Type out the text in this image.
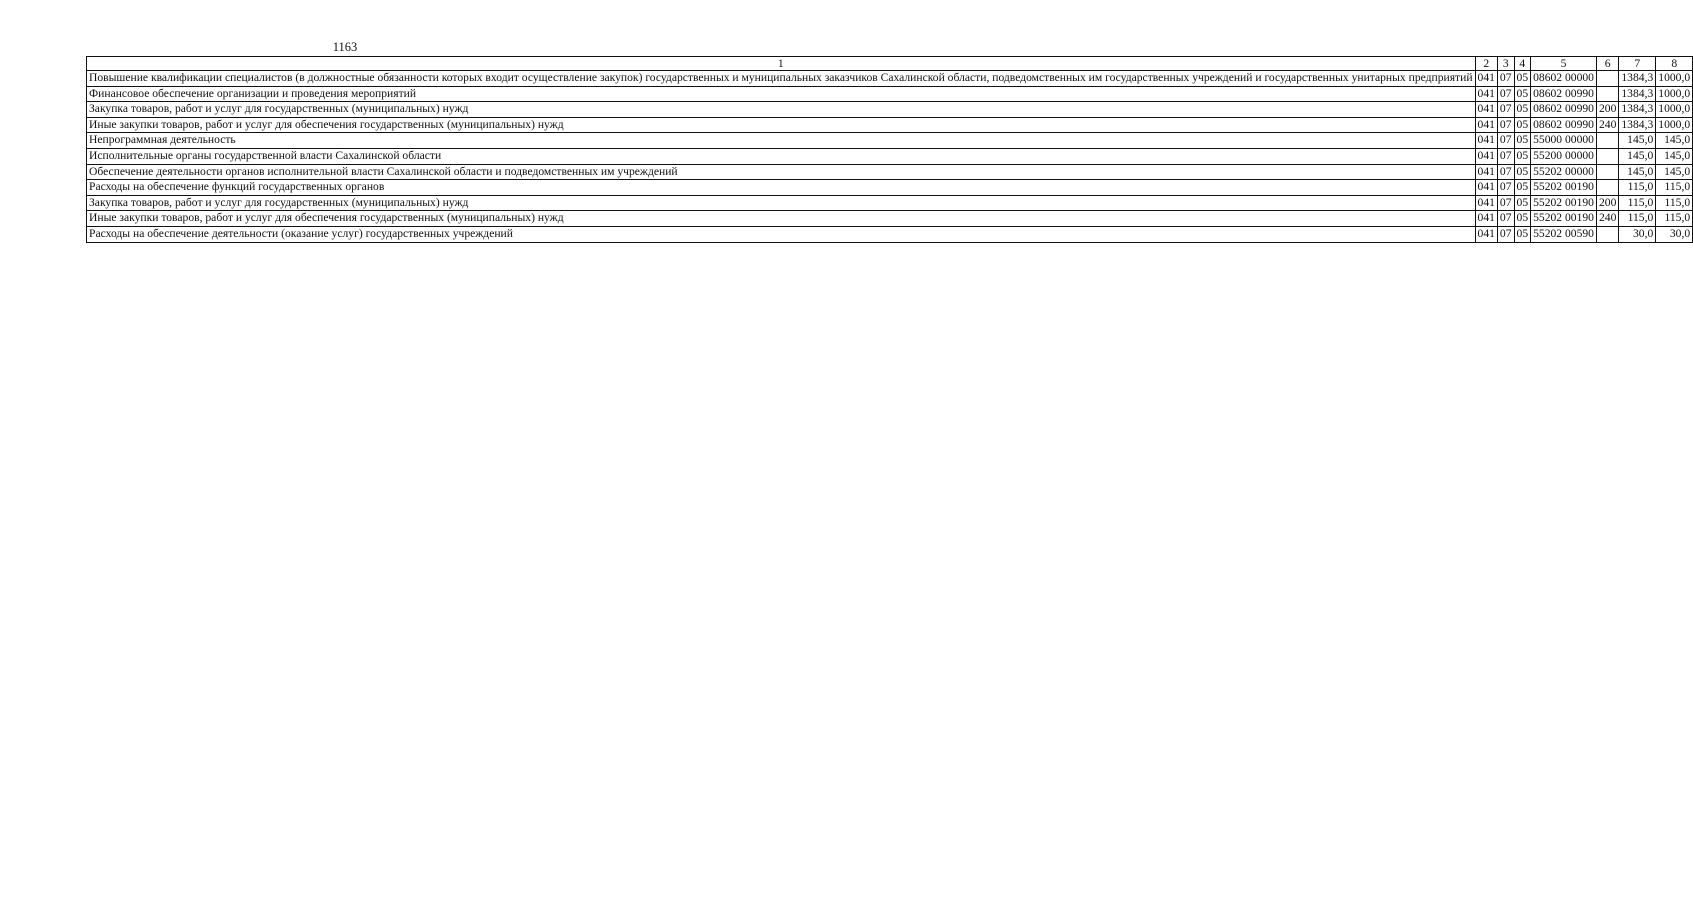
1163
1	2	3	4	5	6	7	8
Повышение квалификации специалистов (в должностные обязанности которых входит осуществление закупок) государственных и муниципальных заказчиков Сахалинской области, подведомственных им государственных учреждений и государственных унитарных предприятий	041	07	05	08602 00000		1384,3	1000,0
Финансовое обеспечение организации и проведения мероприятий	041	07	05	08602 00990		1384,3	1000,0
Закупка товаров, работ и услуг для государственных (муниципальных) нужд	041	07	05	08602 00990	200	1384,3	1000,0
Иные закупки товаров, работ и услуг для обеспечения государственных (муниципальных) нужд	041	07	05	08602 00990	240	1384,3	1000,0
Непрограммная деятельность	041	07	05	55000 00000		145,0	145,0
Исполнительные органы государственной власти Сахалинской области	041	07	05	55200 00000		145,0	145,0
Обеспечение деятельности органов исполнительной власти Сахалинской области и подведомственных им учреждений	041	07	05	55202 00000		145,0	145,0
Расходы на обеспечение функций государственных органов	041	07	05	55202 00190		115,0	115,0
Закупка товаров, работ и услуг для государственных (муниципальных) нужд	041	07	05	55202 00190	200	115,0	115,0
Иные закупки товаров, работ и услуг для обеспечения государственных (муниципальных) нужд	041	07	05	55202 00190	240	115,0	115,0
Расходы на обеспечение деятельности (оказание услуг) государственных учреждений	041	07	05	55202 00590		30,0	30,0
